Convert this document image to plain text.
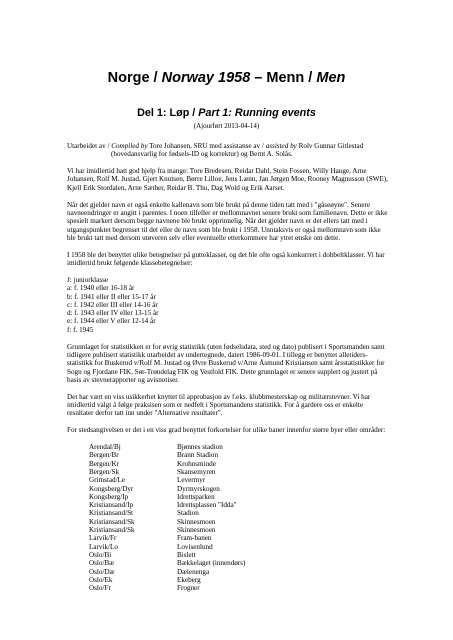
Norge / Norway 1958 – Menn / Men
Del 1: Løp / Part 1: Running events
(Ajourført 2013-04-14)

Utarbeidet av / Compiled by Tore Johansen, SRU med assistanse av / assisted by Rolv Gunnar Gitlestad
(hovedansvarlig for fødsels-ID og korrektur) og Bernt A. Solås.

Vi har imidlertid hatt god hjelp fra mange: Tore Bredesen, Reidar Dahl, Stein Fossen, Willy Hauge, Arne Johansen, Rolf M. Justad, Gjert Knutsen, Børre Lilloe, Jens Lænn, Jan Jørgen Moe, Rooney Magnusson (SWE), Kjell Erik Stordalen, Arne Sæther, Reidar B. Thu, Dag Wold og Erik Aarset.

Når det gjelder navn er også enkelte kallenavn som ble brukt på denne tiden tatt med i "gåseøyne". Senere navneendringer er angitt i parentes. I noen tilfeller er mellomnavnet senere brukt som familienavn. Dette er ikke spesielt markert dersom begge navnene ble brukt opprinnelig. Når det gjelder navn er det ellers tatt med i utgangspunktet begrenset til det eller de navn som ble brukt i 1958. Unntaksvis er også mellomnavn som ikke ble brukt tatt med dersom utøveren selv eller eventuelle etterkommere har ytret ønske om dette.

I 1958 ble det benyttet ulike betegnelser på gutteklasser, og det ble ofte også konkurrert i dobbeltklasser. Vi har imidlertid brukt følgende klassebetegnelser:

J: juniorklasse
a: f. 1940 eller 16-18 år
b: f. 1941 eller II eller 15-17 år
c: f. 1942 eller III eller 14-16 år
d: f. 1943 eller IV eller 13-15 år
e: f. 1944 eller V eller 12-14 år
f: f. 1945

Grunnlaget for statistikken er for øvrig statistikk (uten fødselsdata, sted og dato) publisert i Sportsmanden samt tidligere publisert statistikk utarbeidet av undertegnede, datert 1986-09-01. I tillegg er benyttet alletiders-statistikk for Buskerud v/Rolf M. Justad og Øvre Buskerud v/Arne Åsmund Kristiansen samt årsstatistikker for Sogn og Fjordane FIK, Sør-Trøndelag FIK og Vestfold FIK. Dette grunnlaget er senere supplert og justert på basis av stevnerapporter og avisnotiser.

Det har vært en viss usikkerhet knyttet til approbasjon av f.eks. klubbmesterskap og militærstevner. Vi har imidlertid valgt å følge praksisen som er nedfelt i Sportsmandens statistikk. For å gardere oss er enkelte resultater derfor tatt inn under "Alternative resultater".

For stedsangivelsen er det i en viss grad benyttet forkortelser for ulike baner innenfor større byer eller områder:

Arendal/Bj	Bjønnes stadion
Bergen/Br	Brann Stadion
Bergen/Kr	Krohnsminde
Bergen/Sk	Skansemyren
Grimstad/Le	Levermyr
Kongsberg/Dyr	Dyrmyrskogen
Kongsberg/Ip	Idrettsparken
Kristiansand/Ip	Idrettsplassen "Idda"
Kristiansand/St	Stadion
Kristiansand/Sk	Skinnesmoen
Kristiansand/Sk	Skinnesmoen
Larvik/Fr	Fram-banen
Larvik/Lo	Lovisenlund
Oslo/Bi	Bislett
Oslo/Bæ	Bækkelaget (innendørs)
Oslo/Dæ	Dælenenga
Oslo/Ek	Ekeberg
Oslo/Fr	Frogner
